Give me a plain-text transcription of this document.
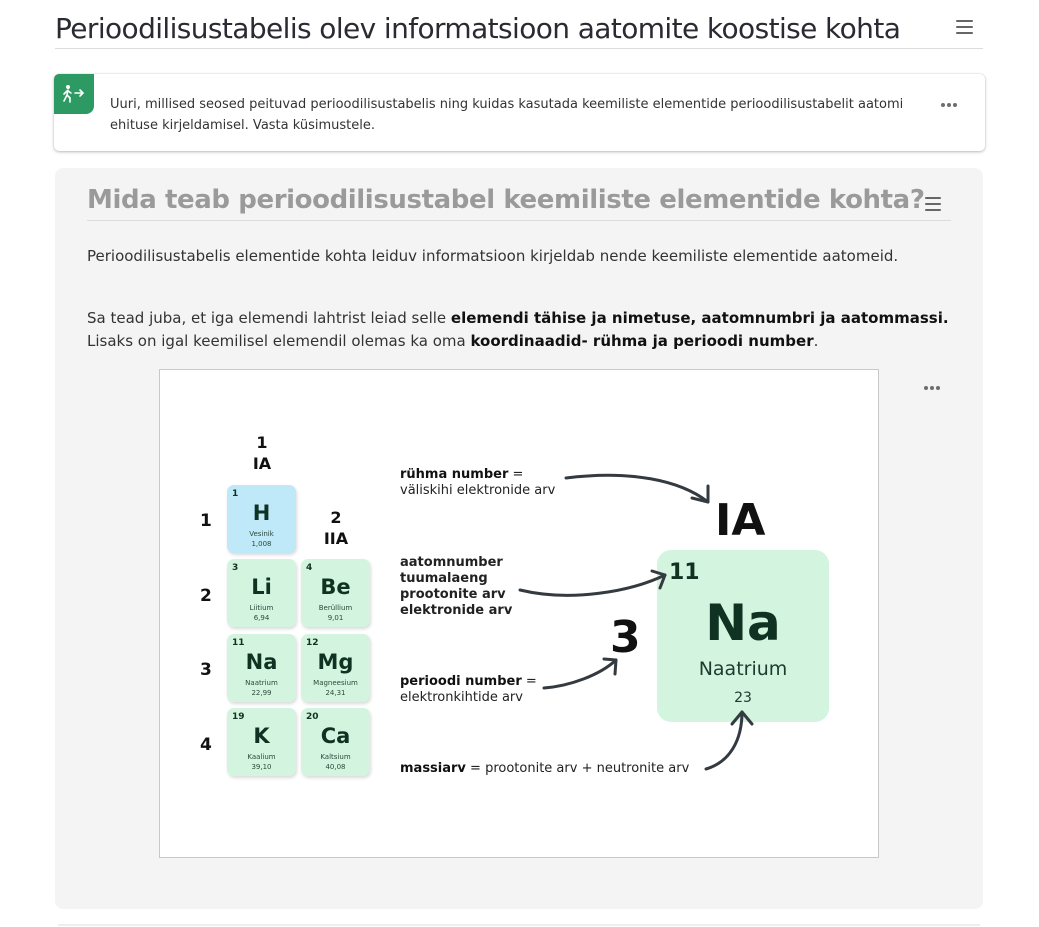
Perioodilisustabelis olev informatsioon aatomite koostise kohta
Uuri, millised seosed peituvad perioodilisustabelis ning kuidas kasutada keemiliste elementide perioodilisustabelit aatomi ehituse kirjeldamisel. Vasta küsimustele.
Mida teab perioodilisustabel keemiliste elementide kohta?

Perioodilisustabelis elementide kohta leiduv informatsioon kirjeldab nende keemiliste elementide aatomeid.

Sa tead juba, et iga elemendi lahtrist leiad selle elemendi tähise ja nimetuse, aatomnumbri ja aatommassi. Lisaks on igal keemilisel elemendil olemas ka oma koordinaadid- rühma ja perioodi number.

1
IA
2
IIA
1
2
3
4
1
H
Vesinik
1,008
3
Li
Liitium
6,94
4
Be
Berüllium
9,01
11
Na
Naatrium
22,99
12
Mg
Magneesium
24,31
19
K
Kaalium
39,10
20
Ca
Kaltsium
40,08
rühma number =
väliskihi elektronide arv
aatomnumber
tuumalaeng
prootonite arv
elektronide arv
perioodi number =
elektronkihtide arv
massiarv = prootonite arv + neutronite arv
IA
3
11
Na
Naatrium
23
